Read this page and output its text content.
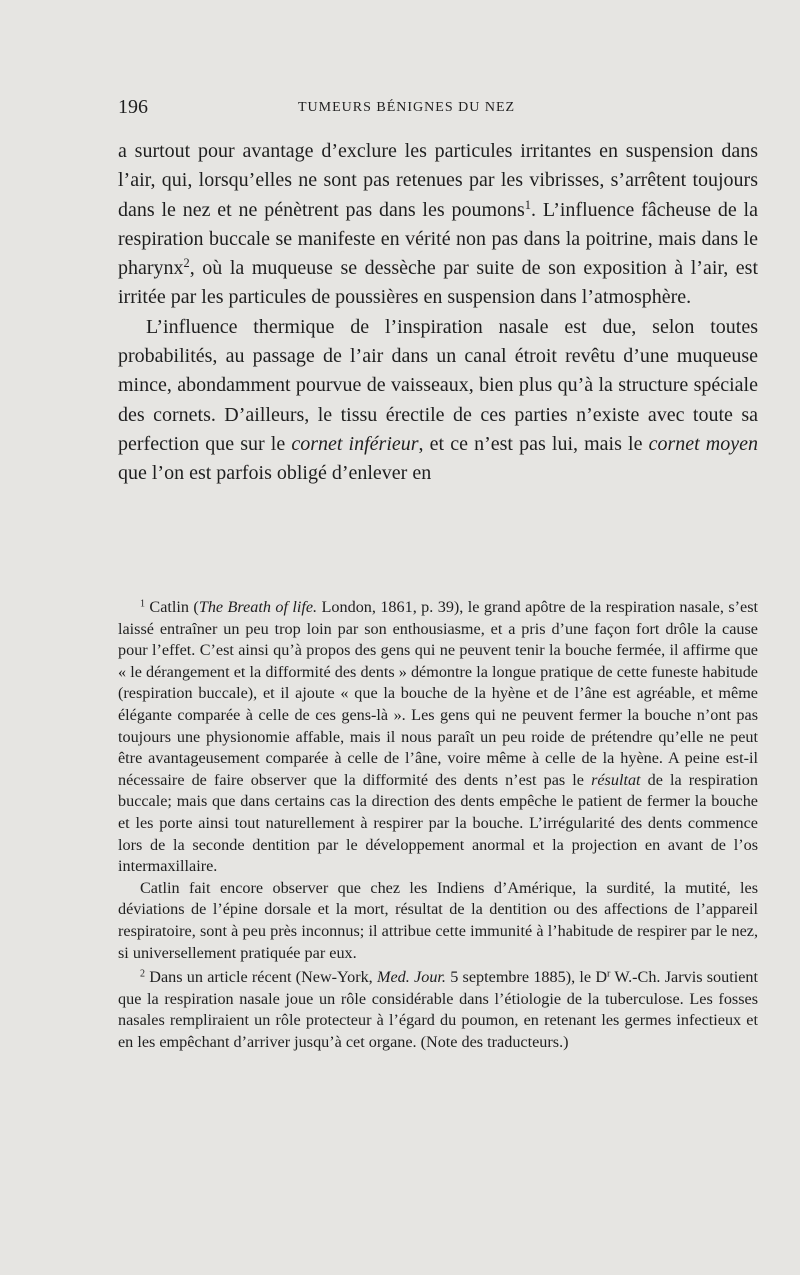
196	TUMEURS BÉNIGNES DU NEZ

a surtout pour avantage d’exclure les particules irritantes en suspension dans l’air, qui, lorsqu’elles ne sont pas retenues par les vibrisses, s’arrêtent toujours dans le nez et ne pénètrent pas dans les poumons$^1$. L’influence fâcheuse de la respiration buccale se manifeste en vérité non pas dans la poitrine, mais dans le pharynx$^2$, où la muqueuse se dessèche par suite de son exposition à l’air, est irritée par les particules de poussières en suspension dans l’atmosphère.

L’influence thermique de l’inspiration nasale est due, selon toutes probabilités, au passage de l’air dans un canal étroit revêtu d’une muqueuse mince, abondamment pourvue de vaisseaux, bien plus qu’à la structure spéciale des cornets. D’ailleurs, le tissu érectile de ces parties n’existe avec toute sa perfection que sur le cornet inférieur, et ce n’est pas lui, mais le cornet moyen que l’on est parfois obligé d’enlever en

$^1$ Catlin (The Breath of life. London, 1861, p. 39), le grand apôtre de la respiration nasale, s’est laissé entraîner un peu trop loin par son enthousiasme, et a pris d’une façon fort drôle la cause pour l’effet. C’est ainsi qu’à propos des gens qui ne peuvent tenir la bouche fermée, il affirme que « le dérangement et la difformité des dents » démontre la longue pratique de cette funeste habitude (respiration buccale), et il ajoute « que la bouche de la hyène et de l’âne est agréable, et même élégante comparée à celle de ces gens-là ». Les gens qui ne peuvent fermer la bouche n’ont pas toujours une physionomie affable, mais il nous paraît un peu roide de prétendre qu’elle ne peut être avantageusement comparée à celle de l’âne, voire même à celle de la hyène. A peine est-il nécessaire de faire observer que la difformité des dents n’est pas le résultat de la respiration buccale; mais que dans certains cas la direction des dents empêche le patient de fermer la bouche et les porte ainsi tout naturellement à respirer par la bouche. L’irrégularité des dents commence lors de la seconde dentition par le développement anormal et la projection en avant de l’os intermaxillaire.

Catlin fait encore observer que chez les Indiens d’Amérique, la surdité, la mutité, les déviations de l’épine dorsale et la mort, résultat de la dentition ou des affections de l’appareil respiratoire, sont à peu près inconnus; il attribue cette immunité à l’habitude de respirer par le nez, si universellement pratiquée par eux.

$^2$ Dans un article récent (New-York, Med. Jour. 5 septembre 1885), le $D^r$ W.-Ch. Jarvis soutient que la respiration nasale joue un rôle considérable dans l’étiologie de la tuberculose. Les fosses nasales rempliraient un rôle protecteur à l’égard du poumon, en retenant les germes infectieux et en les empêchant d’arriver jusqu’à cet organe. (Note des traducteurs.)
